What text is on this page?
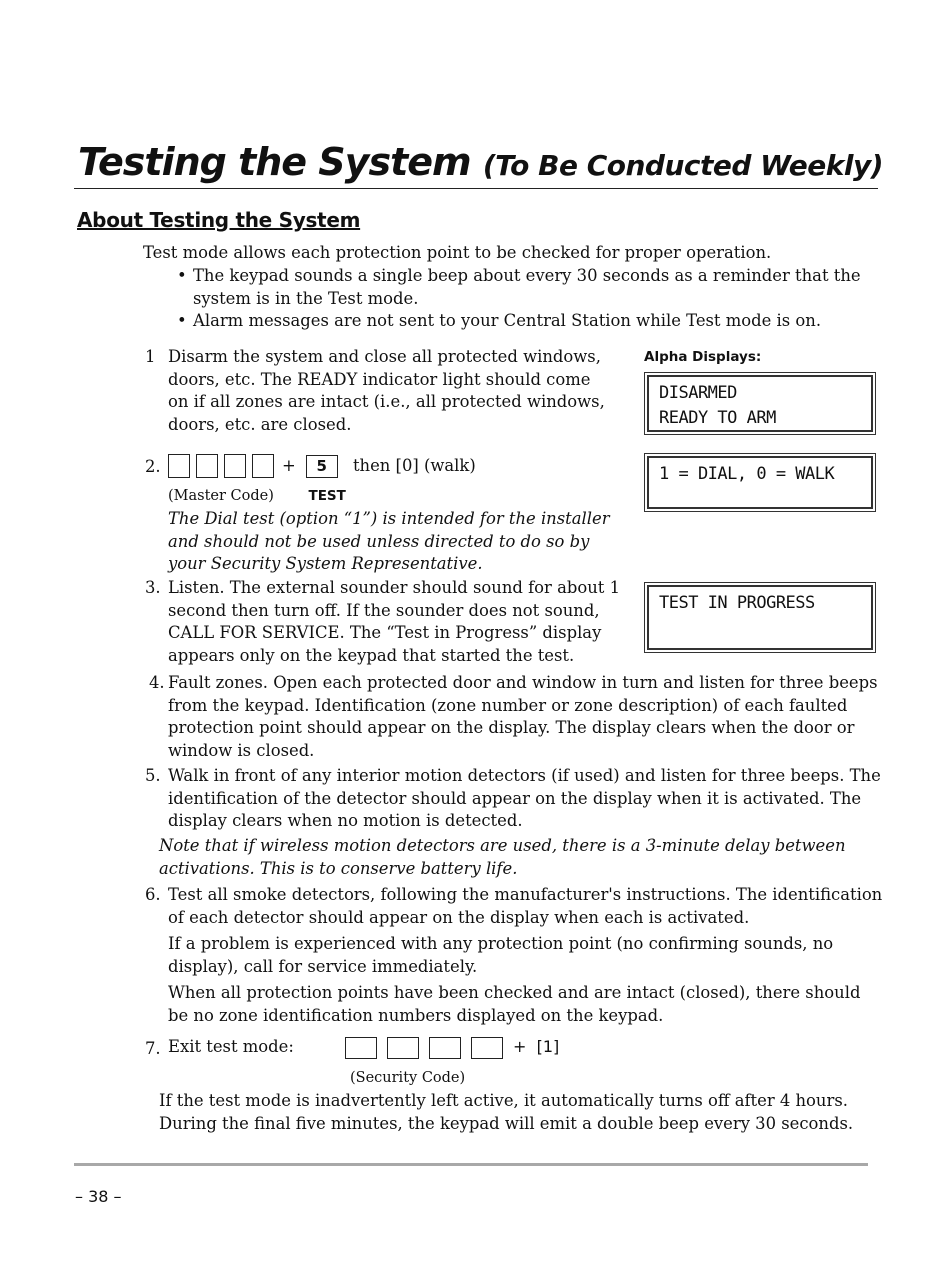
Testing the System (To Be Conducted Weekly)
About Testing the System
Test mode allows each protection point to be checked for proper operation.
• The keypad sounds a single beep about every 30 seconds as a reminder that the system is in the Test mode.
• Alarm messages are not sent to your Central Station while Test mode is on.
Alpha Displays:
DISARMED
READY TO ARM
1 = DIAL, 0 = WALK
TEST IN PROGRESS
1 Disarm the system and close all protected windows, doors, etc. The READY indicator light should come on if all zones are intact (i.e., all protected windows, doors, etc. are closed.
2.	+ 5 then [0] (walk)
(Master Code)	TEST
The Dial test (option “1”) is intended for the installer and should not be used unless directed to do so by your Security System Representative.
3. Listen. The external sounder should sound for about 1 second then turn off. If the sounder does not sound, CALL FOR SERVICE. The “Test in Progress” display appears only on the keypad that started the test.
4. Fault zones. Open each protected door and window in turn and listen for three beeps from the keypad. Identification (zone number or zone description) of each faulted protection point should appear on the display. The display clears when the door or window is closed.
5. Walk in front of any interior motion detectors (if used) and listen for three beeps. The identification of the detector should appear on the display when it is activated. The display clears when no motion is detected.
Note that if wireless motion detectors are used, there is a 3-minute delay between activations. This is to conserve battery life.
6. Test all smoke detectors, following the manufacturer's instructions. The identification of each detector should appear on the display when each is activated.
If a problem is experienced with any protection point (no confirming sounds, no display), call for service immediately.
When all protection points have been checked and are intact (closed), there should be no zone identification numbers displayed on the keypad.
7. Exit test mode:	+  [1]
(Security Code)
If the test mode is inadvertently left active, it automatically turns off after 4 hours. During the final five minutes, the keypad will emit a double beep every 30 seconds.
– 38 –
